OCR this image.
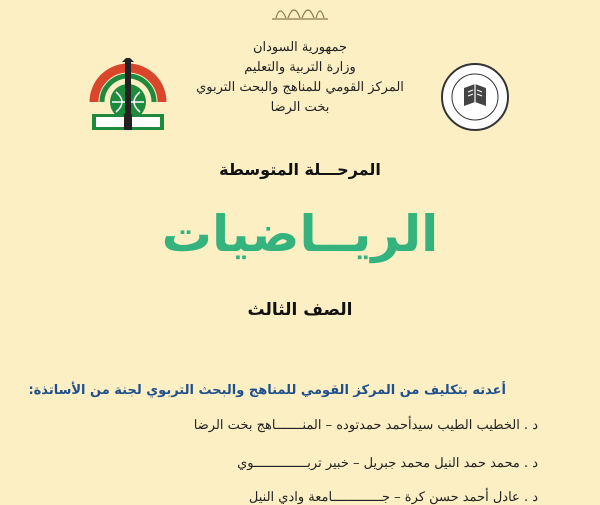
جمهورية السودان
وزارة التربية والتعليم
المركز القومي للمناهج والبحث التربوي
بخت الرضا
المرحـــلة المتوسطة
الريــاضيات
الصف الثالث
أعدته بتكليف من المركز القومي للمناهج والبحث التربوي لجنة من الأساتذة:
د . الخطيب الطيب سيدأحمد حمدتوده – المنـــــــاهج بخت الرضا
د . محمد حمد النيل محمد جبريل – خبير تربــــــــــــــوي
د . عادل أحمد حسن كرة – جـــــــــــــامعة وادي النيل
